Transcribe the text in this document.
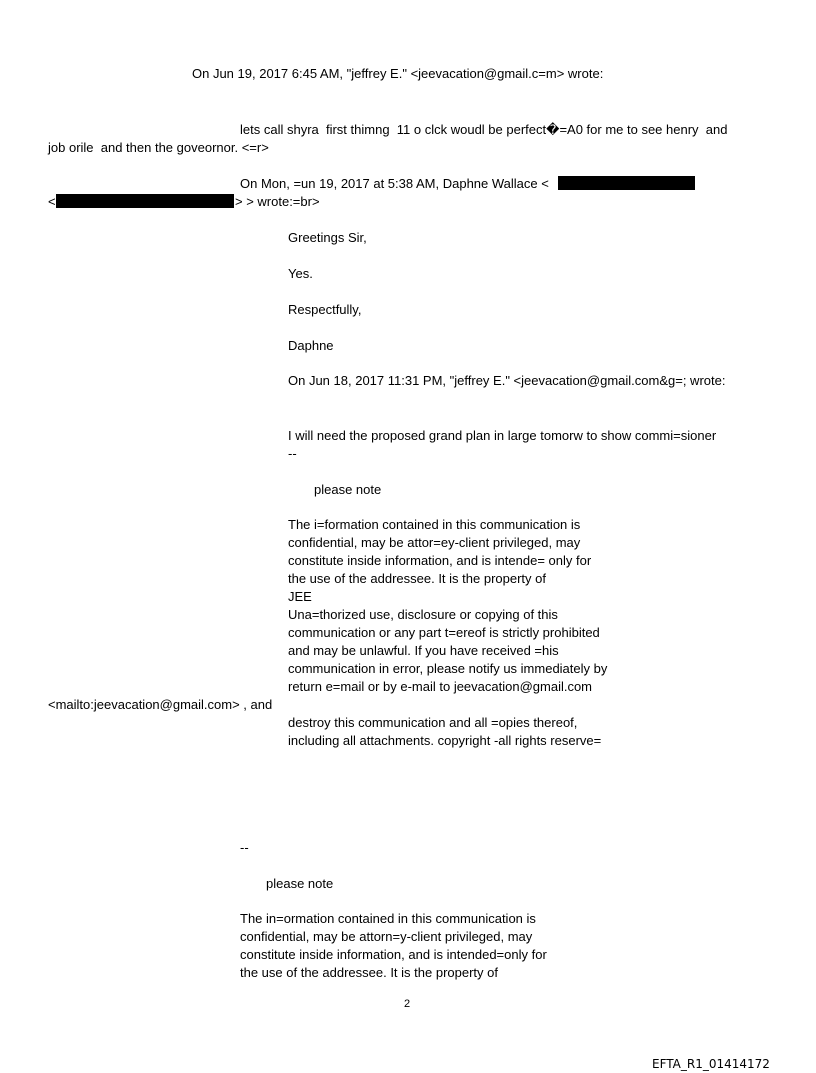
On Jun 19, 2017 6:45 AM, "jeffrey E." <jeevacation@gmail.c=m> wrote:
lets call shyra  first thimng  11 o clck woudl be perfect�=A0 for me to see henry  and
job orile  and then the goveornor. <=r>
On Mon, =un 19, 2017 at 5:38 AM, Daphne Wallace <
<	> > wrote:=br>
Greetings Sir,
Yes.
Respectfully,
Daphne
On Jun 18, 2017 11:31 PM, "jeffrey E." <jeevacation@gmail.com&g=; wrote:
I will need the proposed grand plan in large tomorw to show commi=sioner
--
please note
The i=formation contained in this communication is
confidential, may be attor=ey-client privileged, may
constitute inside information, and is intende= only for
the use of the addressee. It is the property of
JEE
Una=thorized use, disclosure or copying of this
communication or any part t=ereof is strictly prohibited
and may be unlawful. If you have received =his
communication in error, please notify us immediately by
return e=mail or by e-mail to jeevacation@gmail.com
<mailto:jeevacation@gmail.com> , and
destroy this communication and all =opies thereof,
including all attachments. copyright -all rights reserve=
--
please note
The in=ormation contained in this communication is
confidential, may be attorn=y-client privileged, may
constitute inside information, and is intended=only for
the use of the addressee. It is the property of
2
EFTA_R1_01414172
